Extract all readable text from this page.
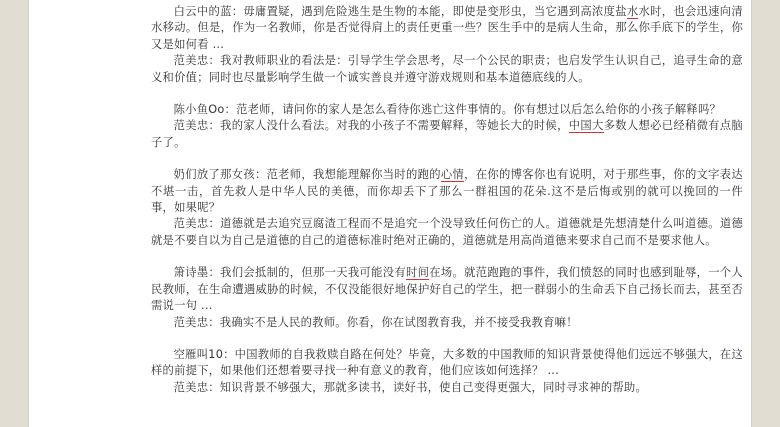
白云中的蓝：毋庸置疑，遇到危险逃生是生物的本能，即使是变形虫，当它遇到高浓度盐水水时，也会迅速向清水移动。但是，作为一名教师，你是否觉得肩上的责任更重一些？医生手中的是病人生命，那么你手底下的学生，你又是如何看 ...

范美忠：我对教师职业的看法是：引导学生学会思考，尽一个公民的职责；也启发学生认识自己，追寻生命的意义和价值；同时也尽量影响学生做一个诚实善良并遵守游戏规则和基本道德底线的人。

陈小鱼Oo：范老师，请问你的家人是怎么看待你逃亡这件事情的。你有想过以后怎么给你的小孩子解释吗？

范美忠：我的家人没什么看法。对我的小孩子不需要解释，等她长大的时候，中国大多数人想必已经稍微有点脑子了。

奶们放了那女孩：范老师，我想能理解你当时的跑的心情，在你的博客你也有说明，对于那些事，你的文字表达不堪一击，首先救人是中华人民的美德，而你却丢下了那么一群祖国的花朵.这不是后悔或别的就可以挽回的一件事，如果呢？

范美忠：道德就是去追究豆腐渣工程而不是追究一个没导致任何伤亡的人。道德就是先想清楚什么叫道德。道德就是不要自以为自己是道德的自己的道德标准时绝对正确的，道德就是用高尚道德来要求自己而不是要求他人。

箫诗墨：我们会抵制的，但那一天我可能没有时间在场。就范跑跑的事件，我们愤怒的同时也感到耻辱，一个人民教师，在生命遭遇威胁的时候，不仅没能很好地保护好自己的学生，把一群弱小的生命丢下自己扬长而去，甚至否需说一句 ...

范美忠：我确实不是人民的教师。你看，你在试图教育我，并不接受我教育嘛！

空雁叫10：中国教师的自我救赎自路在何处？毕竟，大多数的中国教师的知识背景使得他们远远不够强大，在这样的前提下，如果他们还想着要寻找一种有意义的教育，他们应该如何选择？ ...

范美忠：知识背景不够强大，那就多读书，读好书，使自己变得更强大，同时寻求神的帮助。
